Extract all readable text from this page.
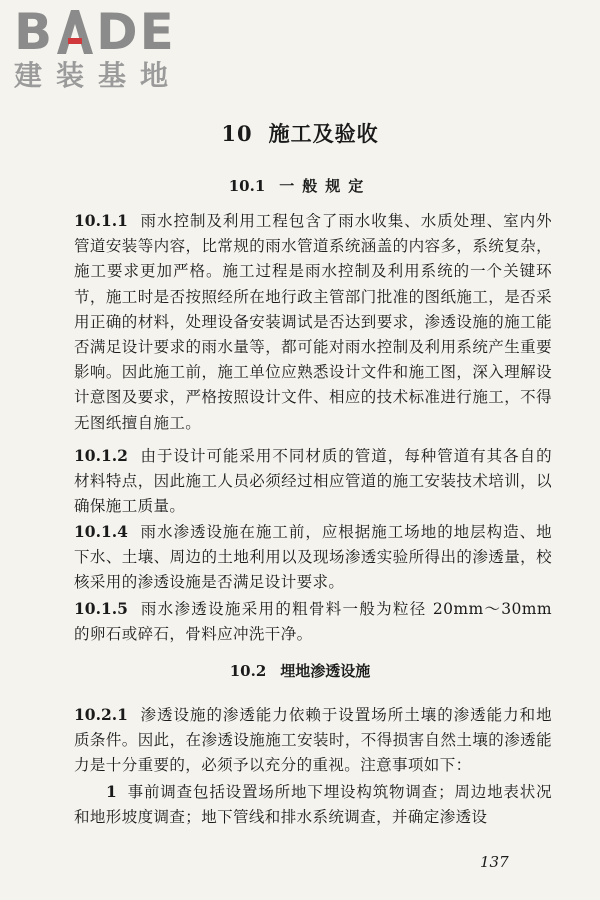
B	A DE
建装基地
10 施工及验收
10.1 一般规定
10.1.1 雨水控制及利用工程包含了雨水收集、水质处理、室内外管道安装等内容，比常规的雨水管道系统涵盖的内容多，系统复杂，施工要求更加严格。施工过程是雨水控制及利用系统的一个关键环节，施工时是否按照经所在地行政主管部门批准的图纸施工，是否采用正确的材料，处理设备安装调试是否达到要求，渗透设施的施工能否满足设计要求的雨水量等，都可能对雨水控制及利用系统产生重要影响。因此施工前，施工单位应熟悉设计文件和施工图，深入理解设计意图及要求，严格按照设计文件、相应的技术标准进行施工，不得无图纸擅自施工。
10.1.2 由于设计可能采用不同材质的管道，每种管道有其各自的材料特点，因此施工人员必须经过相应管道的施工安装技术培训，以确保施工质量。
10.1.4 雨水渗透设施在施工前，应根据施工场地的地层构造、地下水、土壤、周边的土地利用以及现场渗透实验所得出的渗透量，校核采用的渗透设施是否满足设计要求。
10.1.5 雨水渗透设施采用的粗骨料一般为粒径 20mm～30mm 的卵石或碎石，骨料应冲洗干净。
10.2 埋地渗透设施
10.2.1 渗透设施的渗透能力依赖于设置场所土壤的渗透能力和地质条件。因此，在渗透设施施工安装时，不得损害自然土壤的渗透能力是十分重要的，必须予以充分的重视。注意事项如下：
1 事前调查包括设置场所地下埋设构筑物调查；周边地表状况和地形坡度调查；地下管线和排水系统调查，并确定渗透设
137
